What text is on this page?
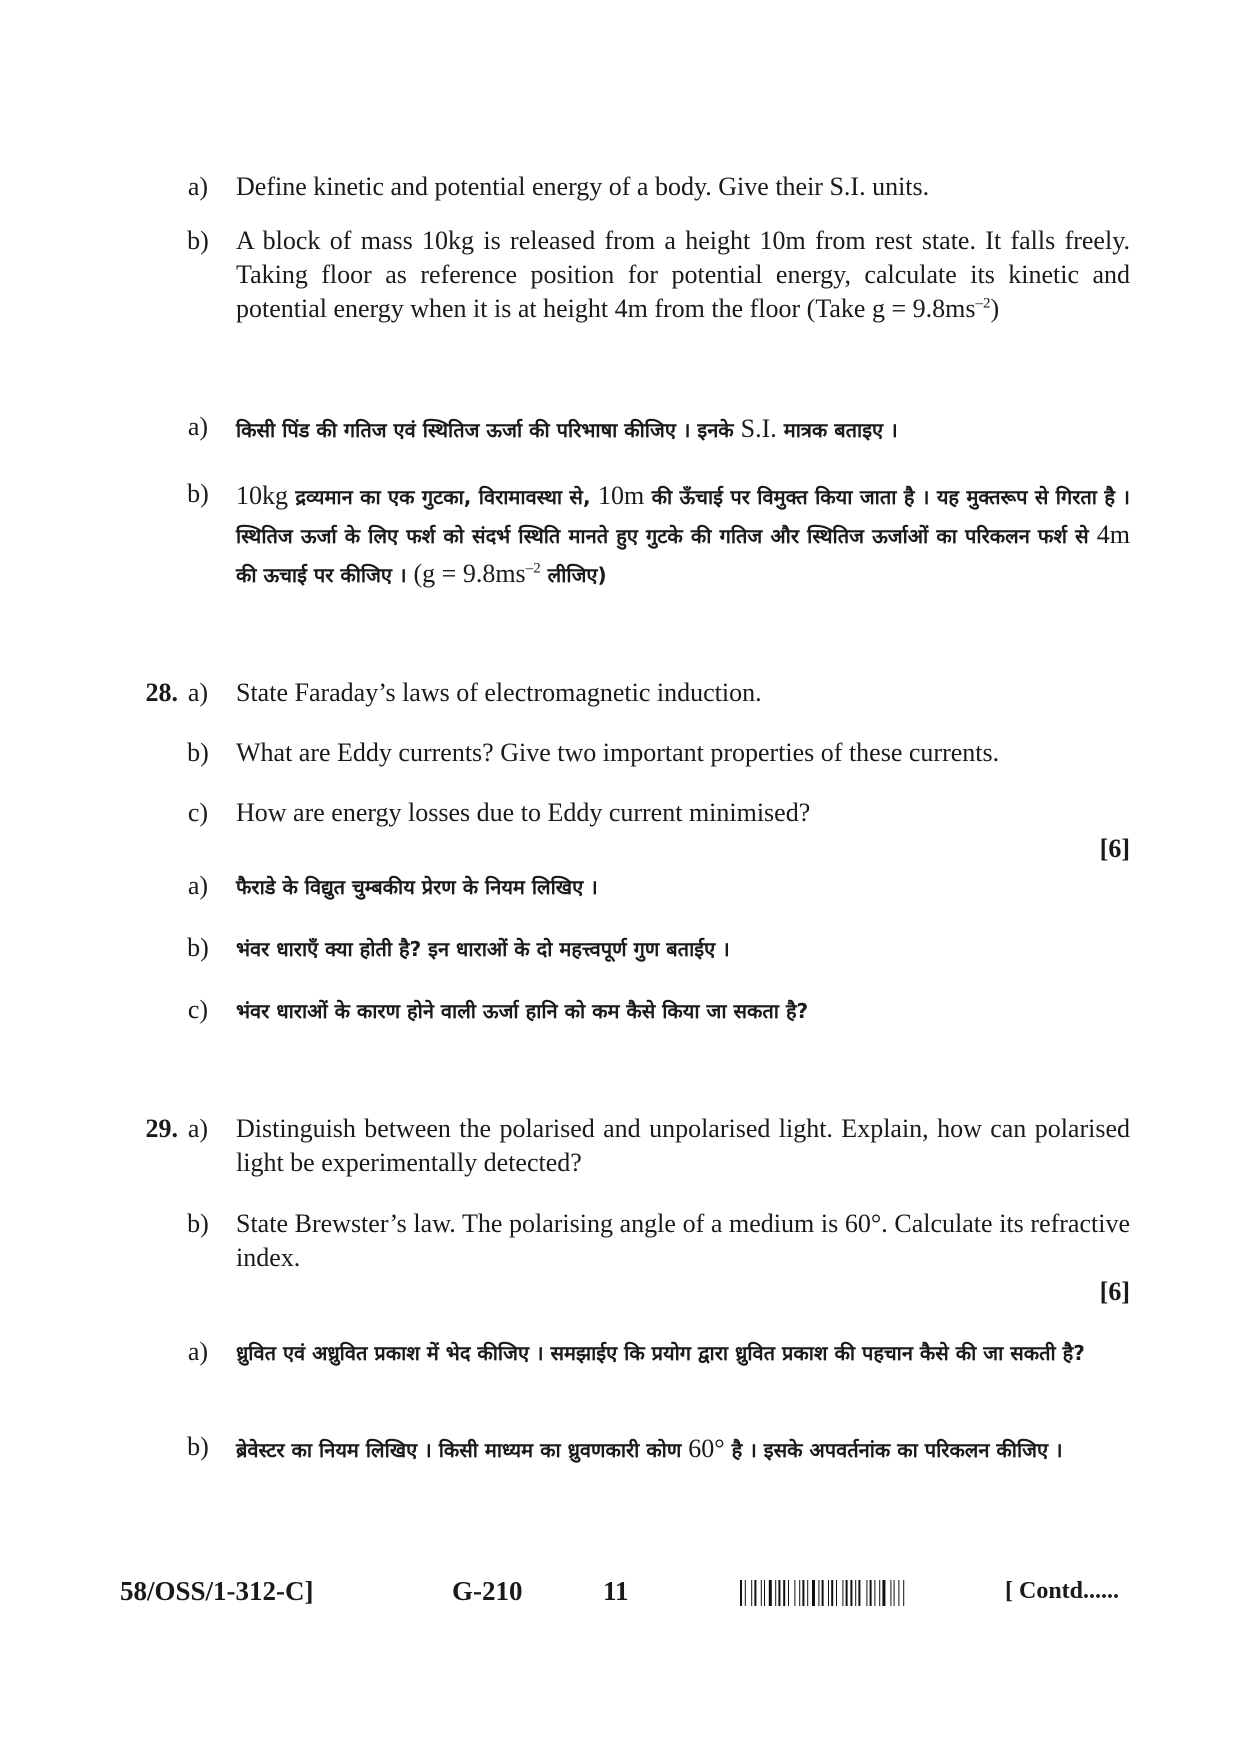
a)	Define kinetic and potential energy of a body. Give their S.I. units.
b)	A block of mass 10kg is released from a height 10m from rest state. It falls freely. Taking floor as reference position for potential energy, calculate its kinetic and potential energy when it is at height 4m from the floor (Take $g = 9.8ms^{-2}$)
a)	किसी पिंड की गतिज एवं स्थितिज ऊर्जा की परिभाषा कीजिए । इनके S.I. मात्रक बताइए ।
b)	10kg द्रव्यमान का एक गुटका, विरामावस्था से, 10m की ऊँचाई पर विमुक्त किया जाता है । यह मुक्तरूप से गिरता है । स्थितिज ऊर्जा के लिए फर्श को संदर्भ स्थिति मानते हुए गुटके की गतिज और स्थितिज ऊर्जाओं का परिकलन फर्श से 4m की ऊचाई पर कीजिए । ($g = 9.8ms^{-2}$ लीजिए)
28. a)	State Faraday’s laws of electromagnetic induction.
b)	What are Eddy currents? Give two important properties of these currents.
c)	How are energy losses due to Eddy current minimised?
[6]
a)	फैराडे के विद्युत चुम्बकीय प्रेरण के नियम लिखिए ।
b)	भंवर धाराएँ क्या होती है? इन धाराओं के दो महत्त्वपूर्ण गुण बताईए ।
c)	भंवर धाराओं के कारण होने वाली ऊर्जा हानि को कम कैसे किया जा सकता है?
29. a)	Distinguish between the polarised and unpolarised light. Explain, how can polarised light be experimentally detected?
b)	State Brewster’s law. The polarising angle of a medium is 60°. Calculate its refractive index.
[6]
a)	ध्रुवित एवं अध्रुवित प्रकाश में भेद कीजिए । समझाईए कि प्रयोग द्वारा ध्रुवित प्रकाश की पहचान कैसे की जा सकती है?
b)	ब्रेवेस्टर का नियम लिखिए । किसी माध्यम का ध्रुवणकारी कोण 60° है । इसके अपवर्तनांक का परिकलन कीजिए ।
58/OSS/1-312-C]	G-210	11	[ Contd......
